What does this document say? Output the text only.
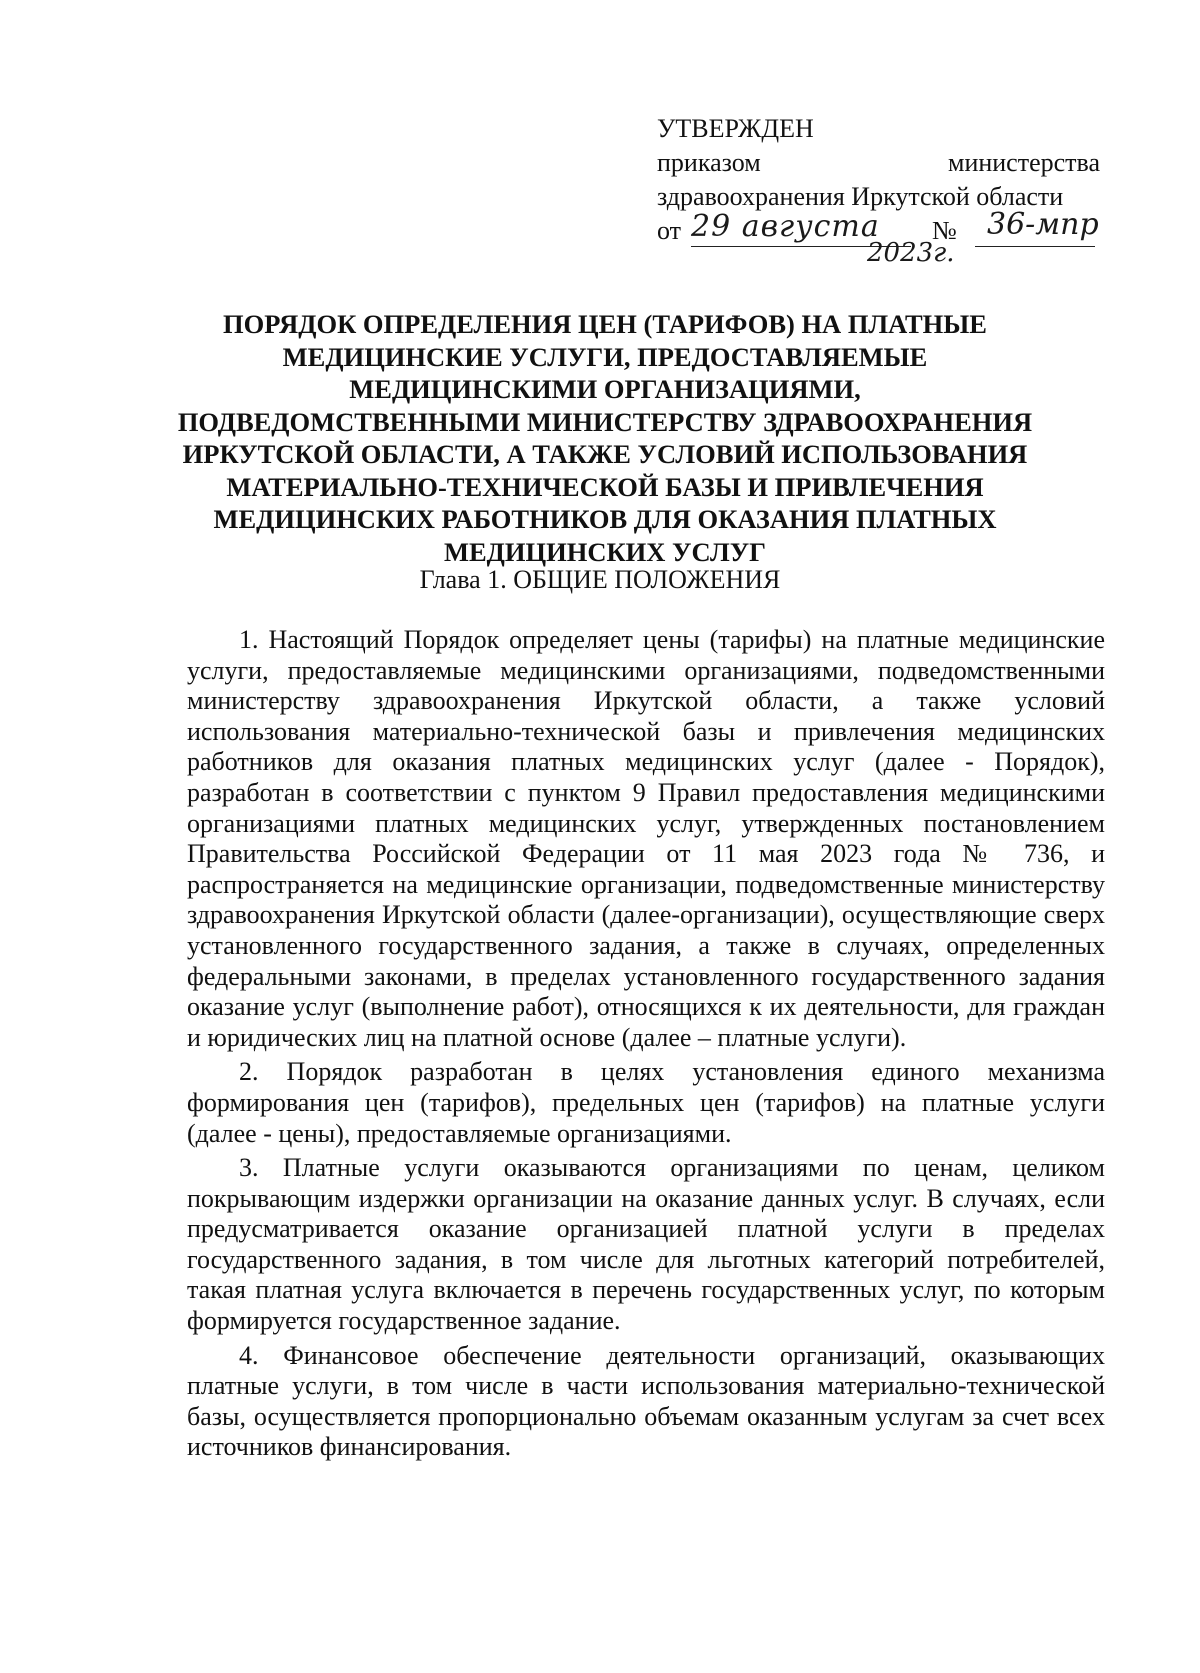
УТВЕРЖДЕН
приказом	министерства
здравоохранения Иркутской области
от 29 августа
2023г.
№ 36-мпр
ПОРЯДОК ОПРЕДЕЛЕНИЯ ЦЕН (ТАРИФОВ) НА ПЛАТНЫЕ МЕДИЦИНСКИЕ УСЛУГИ, ПРЕДОСТАВЛЯЕМЫЕ МЕДИЦИНСКИМИ ОРГАНИЗАЦИЯМИ, ПОДВЕДОМСТВЕННЫМИ МИНИСТЕРСТВУ ЗДРАВООХРАНЕНИЯ ИРКУТСКОЙ ОБЛАСТИ, А ТАКЖЕ УСЛОВИЙ ИСПОЛЬЗОВАНИЯ МАТЕРИАЛЬНО-ТЕХНИЧЕСКОЙ БАЗЫ И ПРИВЛЕЧЕНИЯ МЕДИЦИНСКИХ РАБОТНИКОВ ДЛЯ ОКАЗАНИЯ ПЛАТНЫХ МЕДИЦИНСКИХ УСЛУГ
Глава 1. ОБЩИЕ ПОЛОЖЕНИЯ

1. Настоящий Порядок определяет цены (тарифы) на платные медицинские услуги, предоставляемые медицинскими организациями, подведомственными министерству здравоохранения Иркутской области, а также условий использования материально-технической базы и привлечения медицинских работников для оказания платных медицинских услуг (далее - Порядок), разработан в соответствии с пунктом 9 Правил предоставления медицинскими организациями платных медицинских услуг, утвержденных постановлением Правительства Российской Федерации от 11 мая 2023 года № 736, и распространяется на медицинские организации, подведомственные министерству здравоохранения Иркутской области (далее-организации), осуществляющие сверх установленного государственного задания, а также в случаях, определенных федеральными законами, в пределах установленного государственного задания оказание услуг (выполнение работ), относящихся к их деятельности, для граждан и юридических лиц на платной основе (далее – платные услуги).

2. Порядок разработан в целях установления единого механизма формирования цен (тарифов), предельных цен (тарифов) на платные услуги (далее - цены), предоставляемые организациями.

3. Платные услуги оказываются организациями по ценам, целиком покрывающим издержки организации на оказание данных услуг. В случаях, если предусматривается оказание организацией платной услуги в пределах государственного задания, в том числе для льготных категорий потребителей, такая платная услуга включается в перечень государственных услуг, по которым формируется государственное задание.

4. Финансовое обеспечение деятельности организаций, оказывающих платные услуги, в том числе в части использования материально-технической базы, осуществляется пропорционально объемам оказанным услугам за счет всех источников финансирования.
